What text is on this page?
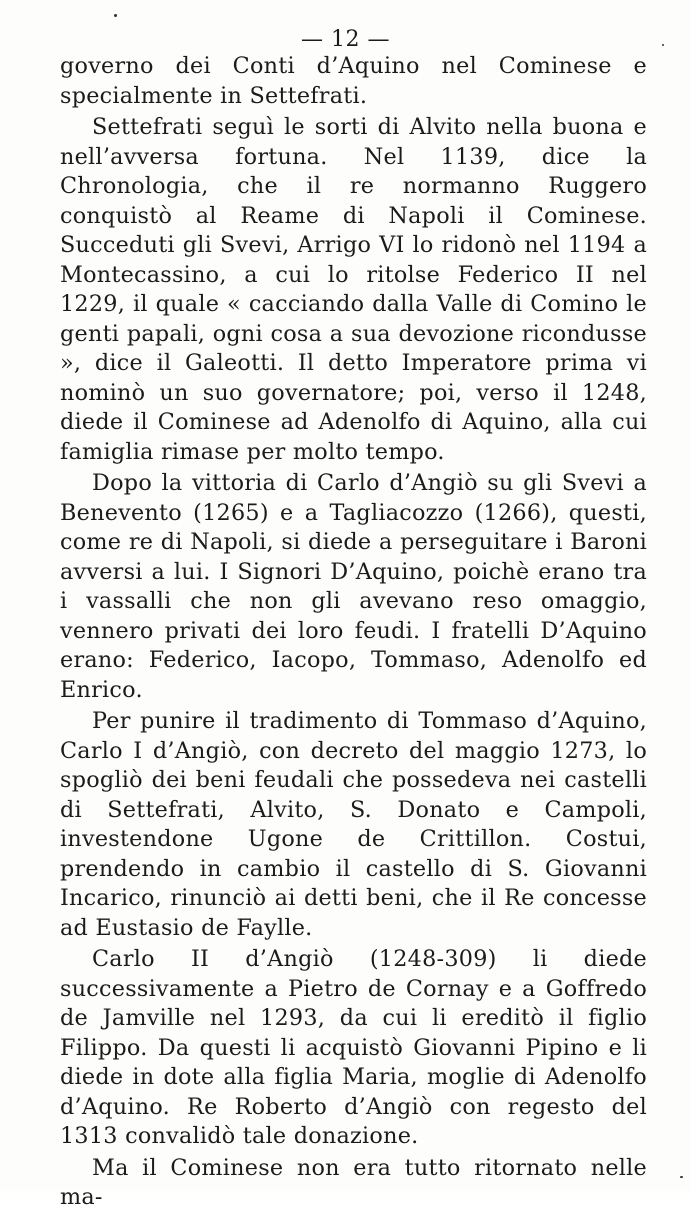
— 12 —

governo dei Conti d’Aquino nel Cominese e specialmente in Settefrati.

Settefrati seguì le sorti di Alvito nella buona e nell’avversa fortuna. Nel 1139, dice la Chronologia, che il re normanno Ruggero conquistò al Reame di Napoli il Cominese. Succeduti gli Svevi, Arrigo VI lo ridonò nel 1194 a Montecassino, a cui lo ritolse Federico II nel 1229, il quale « cacciando dalla Valle di Comino le genti papali, ogni cosa a sua devozione ricondusse », dice il Galeotti. Il detto Imperatore prima vi nominò un suo governatore; poi, verso il 1248, diede il Cominese ad Adenolfo di Aquino, alla cui famiglia rimase per molto tempo.

Dopo la vittoria di Carlo d’Angiò su gli Svevi a Benevento (1265) e a Tagliacozzo (1266), questi, come re di Napoli, si diede a perseguitare i Baroni avversi a lui. I Signori D’Aquino, poichè erano tra i vassalli che non gli avevano reso omaggio, vennero privati dei loro feudi. I fratelli D’Aquino erano: Federico, Iacopo, Tommaso, Adenolfo ed Enrico.

Per punire il tradimento di Tommaso d’Aquino, Carlo I d’Angiò, con decreto del maggio 1273, lo spogliò dei beni feudali che possedeva nei castelli di Settefrati, Alvito, S. Donato e Campoli, investendone Ugone de Crittillon. Costui, prendendo in cambio il castello di S. Giovanni Incarico, rinunciò ai detti beni, che il Re concesse ad Eustasio de Faylle.

Carlo II d’Angiò (1248-309) li diede successivamente a Pietro de Cornay e a Goffredo de Jamville nel 1293, da cui li ereditò il figlio Filippo. Da questi li acquistò Giovanni Pipino e li diede in dote alla figlia Maria, moglie di Adenolfo d’Aquino. Re Roberto d’Angiò con regesto del 1313 convalidò tale donazione.

Ma il Cominese non era tutto ritornato nelle ma-
